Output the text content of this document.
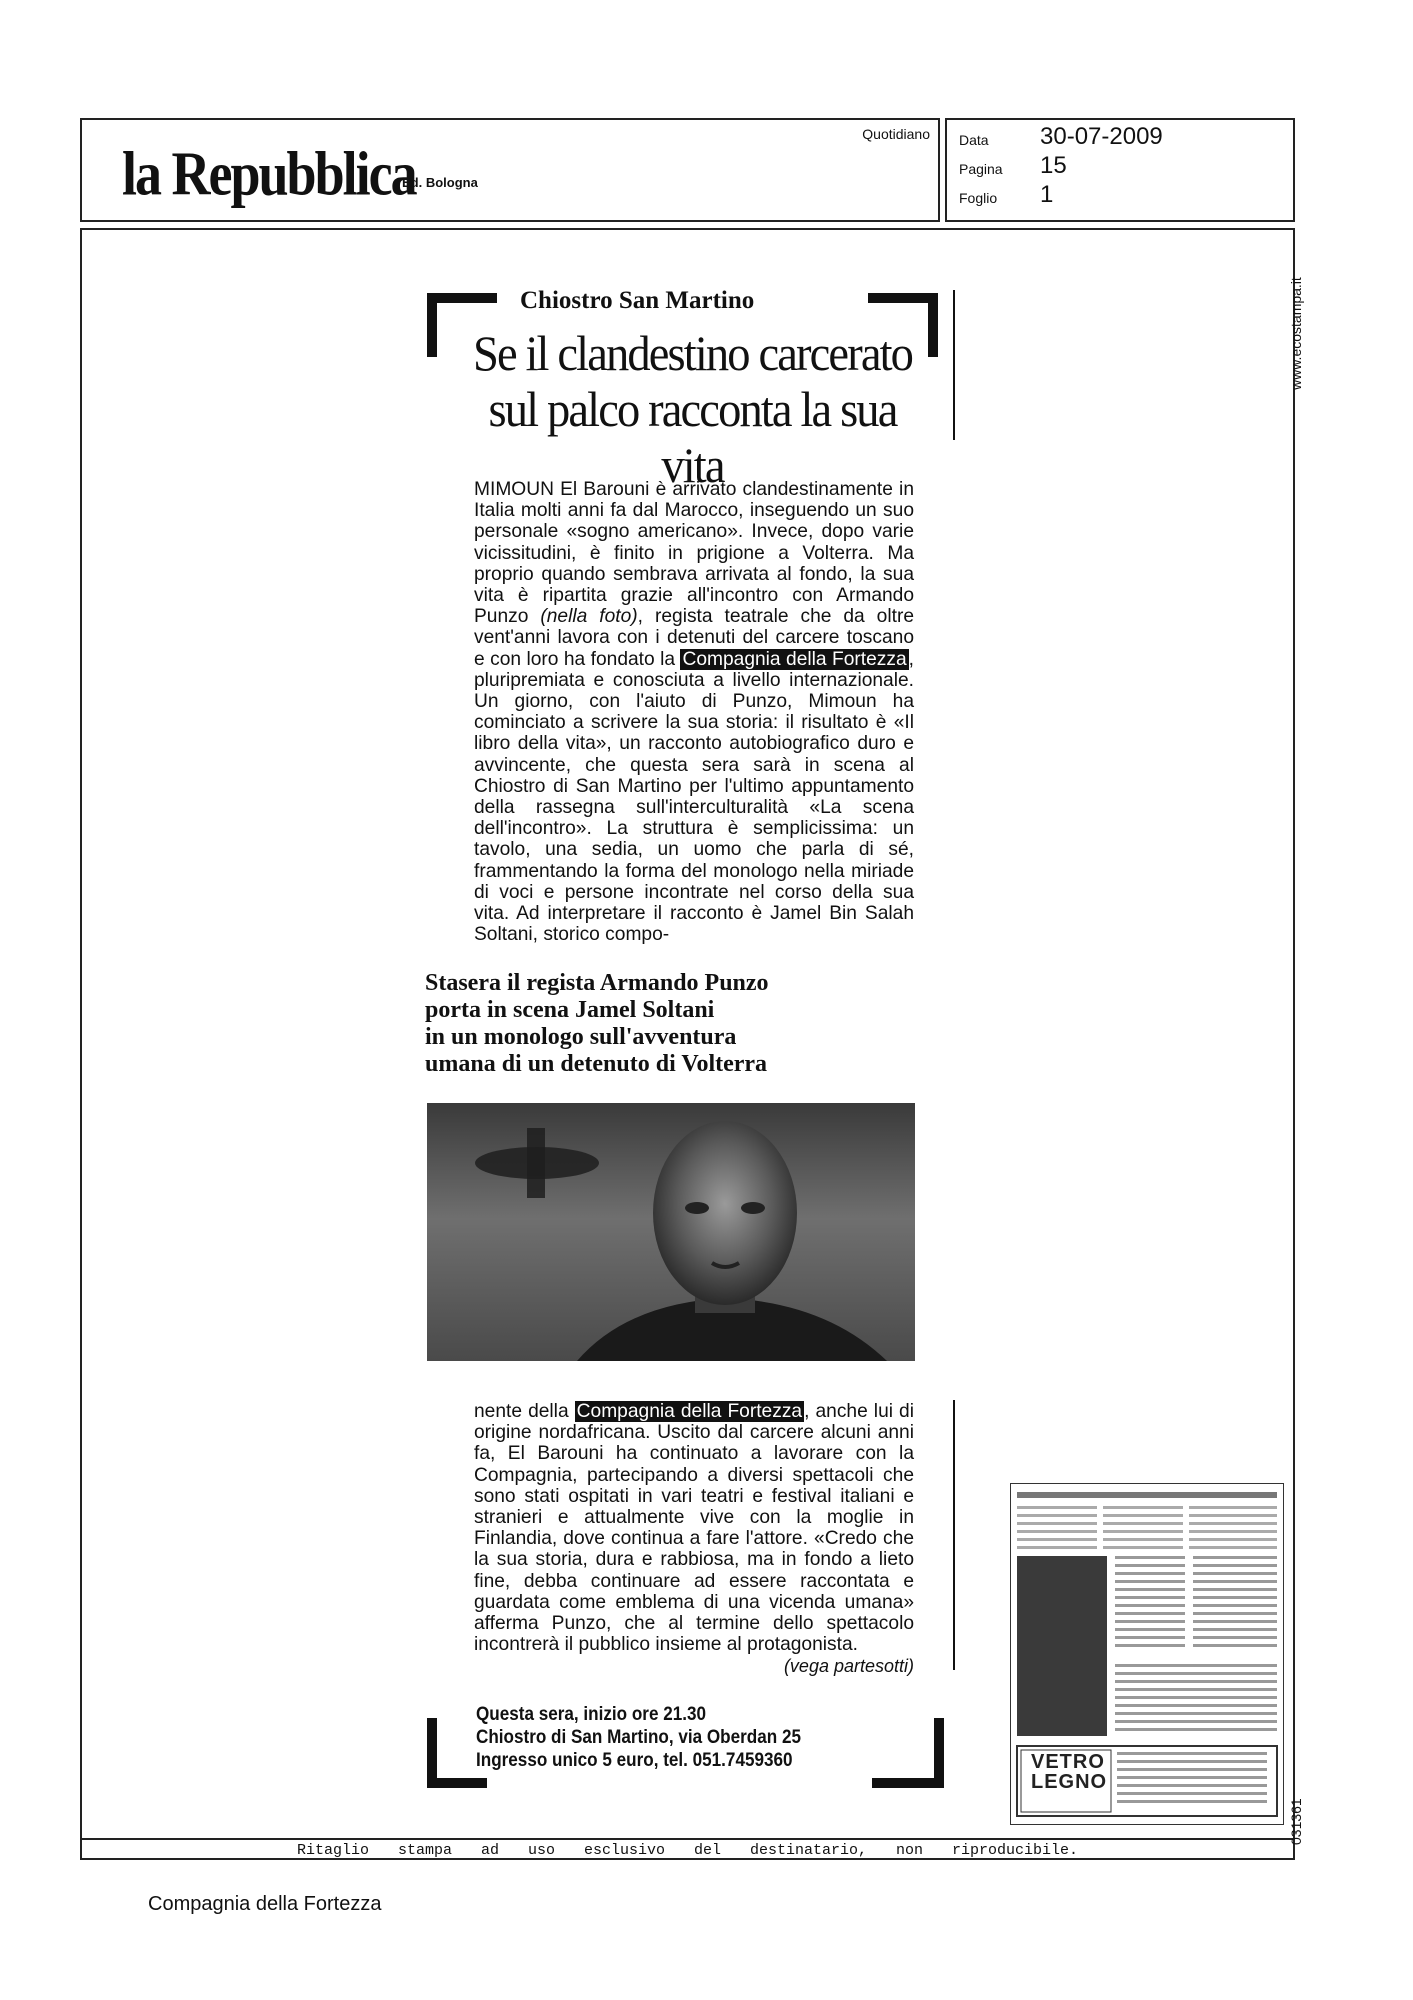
la Repubblica
Ed. Bologna
Quotidiano Data 30-07-2009
Pagina 15
Foglio 1
Chiostro San Martino
Se il clandestino carcerato
sul palco racconta la sua vita
MIMOUN El Barouni è arrivato clandestinamente in Italia molti anni fa dal Marocco, inseguendo un suo personale «sogno americano». Invece, dopo varie vicissitudini, è finito in prigione a Volterra. Ma proprio quando sembrava arrivata al fondo, la sua vita è ripartita grazie all'incontro con Armando Punzo (nella foto), regista teatrale che da oltre vent'anni lavora con i detenuti del carcere toscano e con loro ha fondato la Compagnia della Fortezza , pluripremiata e conosciuta a livello internazionale. Un giorno, con l'aiuto di Punzo, Mimoun ha cominciato a scrivere la sua storia: il risultato è «Il libro della vita», un racconto autobiografico duro e avvincente, che questa sera sarà in scena al Chiostro di San Martino per l'ultimo appuntamento della rassegna sull'interculturalità «La scena dell'incontro». La struttura è semplicissima: un tavolo, una sedia, un uomo che parla di sé, frammentando la forma del monologo nella miriade di voci e persone incontrate nel corso della sua vita. Ad interpretare il racconto è Jamel Bin Salah Soltani, storico compo-
Stasera il regista Armando Punzo
porta in scena Jamel Soltani
in un monologo sull'avventura
umana di un detenuto di Volterra
nente della Compagnia della Fortezza , anche lui di origine nordafricana. Uscito dal carcere alcuni anni fa, El Barouni ha continuato a lavorare con la Compagnia, partecipando a diversi spettacoli che sono stati ospitati in vari teatri e festival italiani e stranieri e attualmente vive con la moglie in Finlandia, dove continua a fare l'attore. «Credo che la sua storia, dura e rabbiosa, ma in fondo a lieto fine, debba continuare ad essere raccontata e guardata come emblema di una vicenda umana» afferma Punzo, che al termine dello spettacolo incontrerà il pubblico insieme al protagonista.
(vega partesotti)
Questa sera, inizio ore 21.30
Chiostro di San Martino, via Oberdan 25
Ingresso unico 5 euro, tel. 051.7459360	VETRO
LEGNO
Ritaglio stampa ad uso esclusivo del destinatario, non riproducibile.
www.ecostampa.it
031361
Compagnia della Fortezza
